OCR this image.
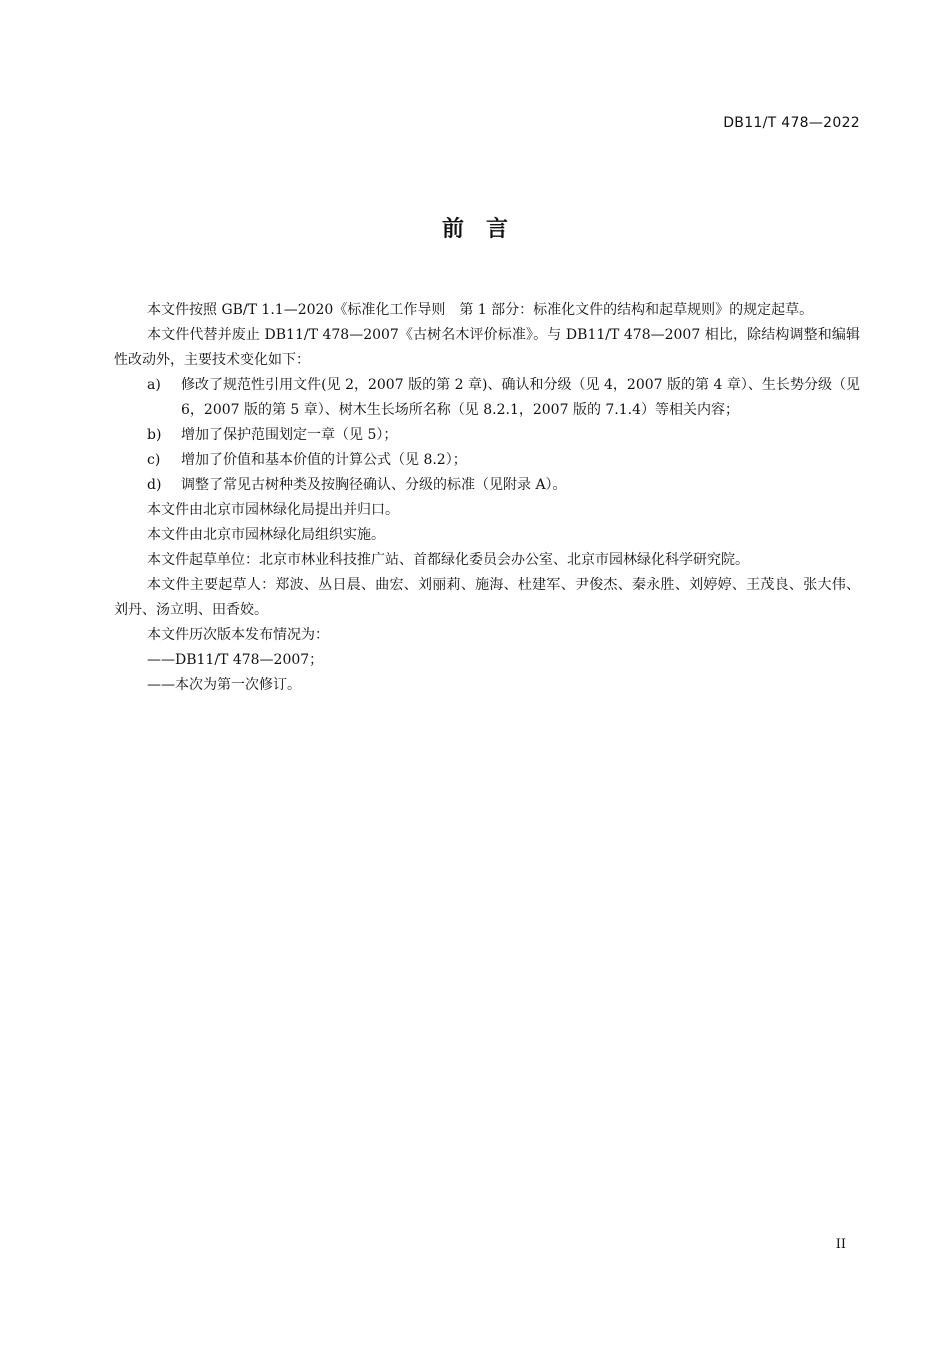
DB11/T 478—2022
前言

本文件按照 GB/T 1.1—2020《标准化工作导则　第 1 部分：标准化文件的结构和起草规则》的规定起草。

本文件代替并废止 DB11/T 478—2007《古树名木评价标准》。与 DB11/T 478—2007 相比，除结构调整和编辑性改动外，主要技术变化如下：

a) 修改了规范性引用文件(见 2，2007 版的第 2 章)、确认和分级（见 4，2007 版的第 4 章）、生长势分级（见 6，2007 版的第 5 章）、树木生长场所名称（见 8.2.1，2007 版的 7.1.4）等相关内容；
b) 增加了保护范围划定一章（见 5）；
c) 增加了价值和基本价值的计算公式（见 8.2）；
d) 调整了常见古树种类及按胸径确认、分级的标准（见附录 A）。

本文件由北京市园林绿化局提出并归口。

本文件由北京市园林绿化局组织实施。

本文件起草单位：北京市林业科技推广站、首都绿化委员会办公室、北京市园林绿化科学研究院。

本文件主要起草人：郑波、丛日晨、曲宏、刘丽莉、施海、杜建军、尹俊杰、秦永胜、刘婷婷、王茂良、张大伟、刘丹、汤立明、田香姣。

本文件历次版本发布情况为：

——DB11/T 478—2007；

——本次为第一次修订。

II
